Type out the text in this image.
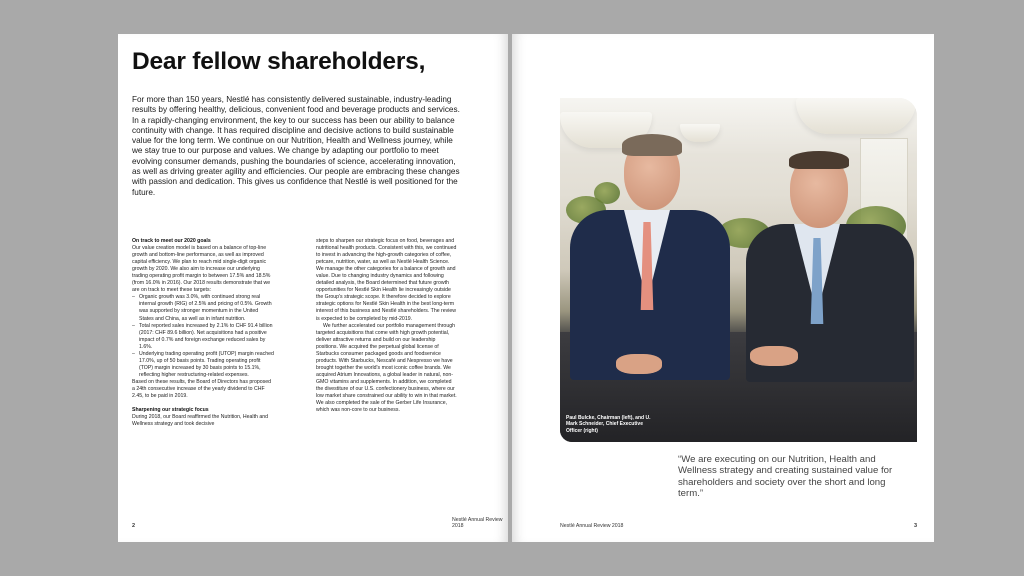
Dear fellow shareholders,

For more than 150 years, Nestlé has consistently delivered sustainable, industry-leading results by offering healthy, delicious, convenient food and beverage products and services. In a rapidly-changing environment, the key to our success has been our ability to balance continuity with change. It has required discipline and decisive actions to build sustainable value for the long term. We continue on our Nutrition, Health and Wellness journey, while we stay true to our purpose and values. We change by adapting our portfolio to meet evolving consumer demands, pushing the boundaries of science, accelerating innovation, as well as driving greater agility and efficiencies. Our people are embracing these changes with passion and dedication. This gives us confidence that Nestlé is well positioned for the future.

On track to meet our 2020 goals

Our value creation model is based on a balance of top-line growth and bottom-line performance, as well as improved capital efficiency. We plan to reach mid single-digit organic growth by 2020. We also aim to increase our underlying trading operating profit margin to between 17.5% and 18.5% (from 16.0% in 2016). Our 2018 results demonstrate that we are on track to meet these targets:

– Organic growth was 3.0%, with continued strong real internal growth (RIG) of 2.5% and pricing of 0.5%. Growth was supported by stronger momentum in the United States and China, as well as in infant nutrition.
– Total reported sales increased by 2.1% to CHF 91.4 billion (2017: CHF 89.6 billion). Net acquisitions had a positive impact of 0.7% and foreign exchange reduced sales by 1.6%.
– Underlying trading operating profit (UTOP) margin reached 17.0%, up of 50 basis points. Trading operating profit (TOP) margin increased by 30 basis points to 15.1%, reflecting higher restructuring-related expenses.

Based on these results, the Board of Directors has proposed a 24th consecutive increase of the yearly dividend to CHF 2.45, to be paid in 2019.

Sharpening our strategic focus

During 2018, our Board reaffirmed the Nutrition, Health and Wellness strategy and took decisive

steps to sharpen our strategic focus on food, beverages and nutritional health products. Consistent with this, we continued to invest in advancing the high-growth categories of coffee, petcare, nutrition, water, as well as Nestlé Health Science. We manage the other categories for a balance of growth and value. Due to changing industry dynamics and following detailed analysis, the Board determined that future growth opportunities for Nestlé Skin Health lie increasingly outside the Group's strategic scope. It therefore decided to explore strategic options for Nestlé Skin Health in the best long-term interest of this business and Nestlé shareholders. The review is expected to be completed by mid-2019.

We further accelerated our portfolio management through targeted acquisitions that come with high growth potential, deliver attractive returns and build on our leadership positions. We acquired the perpetual global license of Starbucks consumer packaged goods and foodservice products. With Starbucks, Nescafé and Nespresso we have brought together the world's most iconic coffee brands. We acquired Atrium Innovations, a global leader in natural, non-GMO vitamins and supplements. In addition, we completed the divestiture of our U.S. confectionery business, where our low market share constrained our ability to win in that market. We also completed the sale of the Gerber Life Insurance, which was non-core to our business.

2
Nestlé Annual Review 2018

Paul Bulcke, Chairman (left), and U. Mark Schneider, Chief Executive Officer (right)

“We are executing on our Nutrition, Health and Wellness strategy and creating sustained value for shareholders and society over the short and long term.”

Nestlé Annual Review 2018	3
